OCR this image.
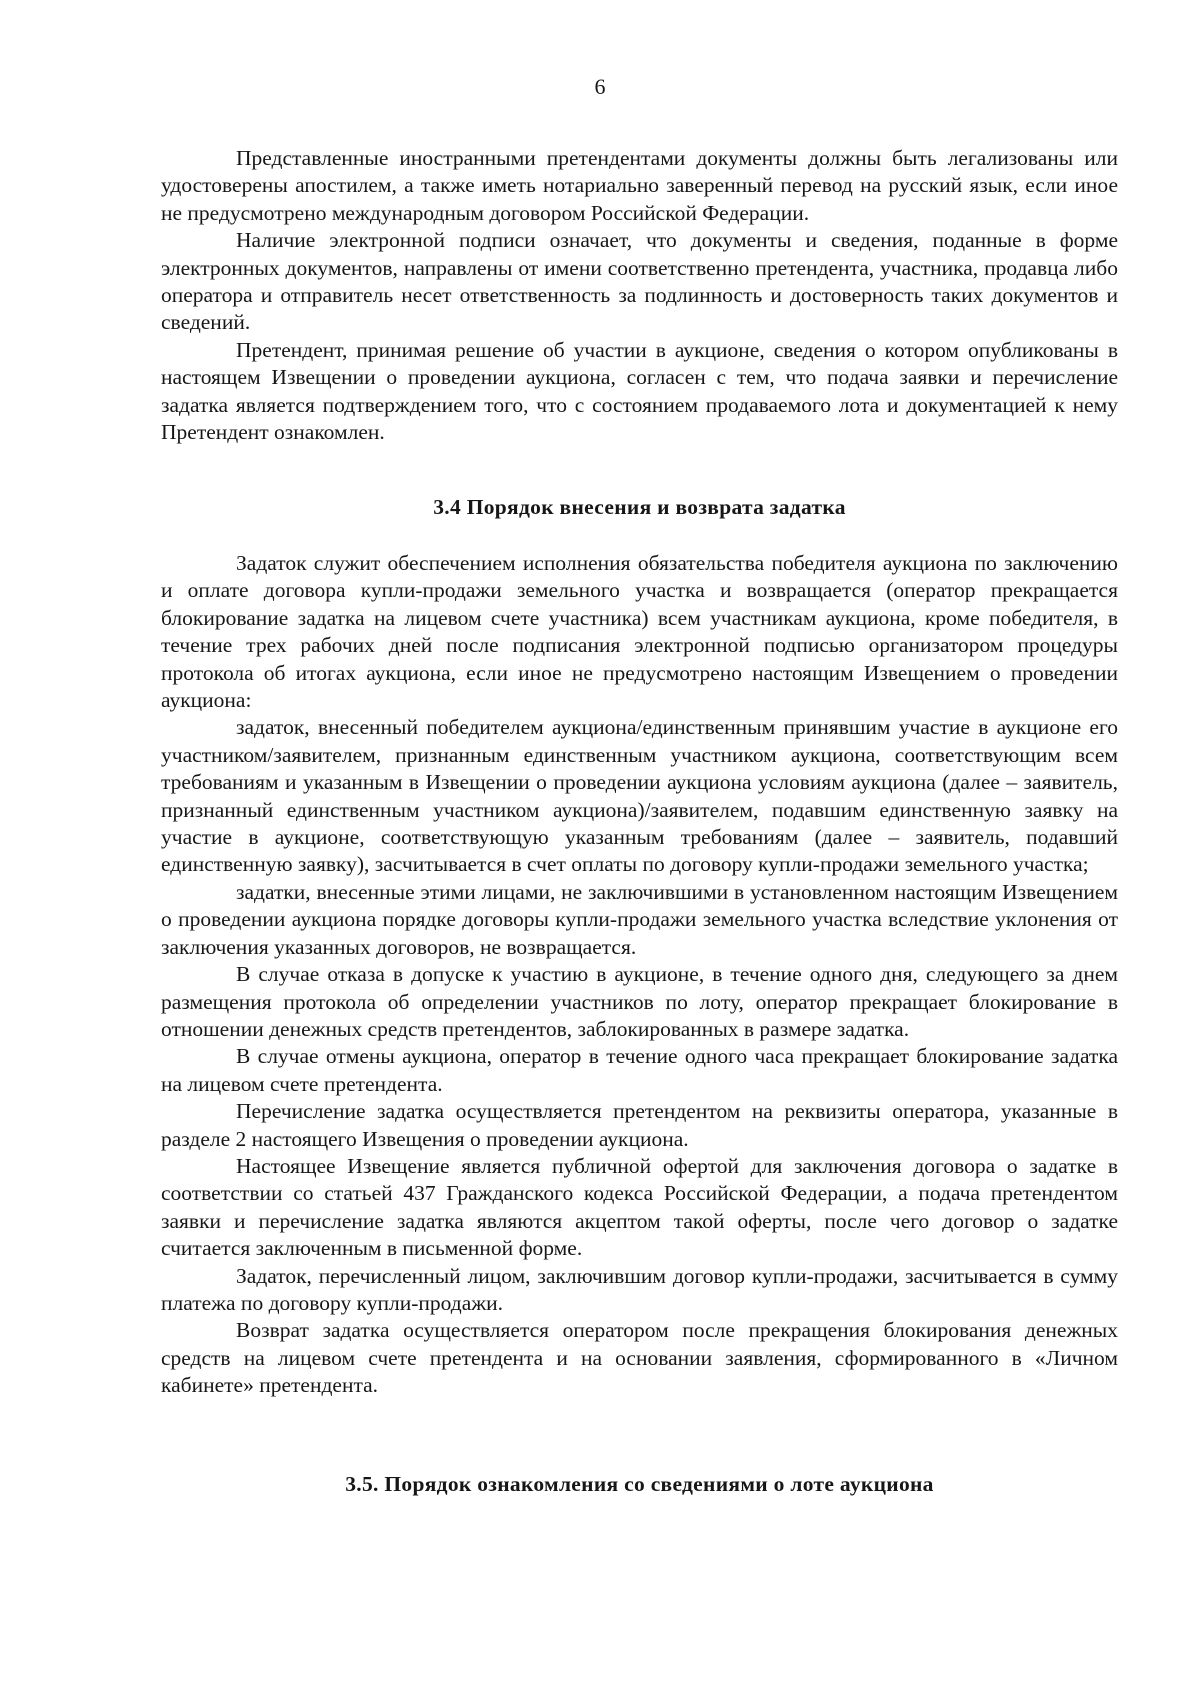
6

Представленные иностранными претендентами документы должны быть легализованы или удостоверены апостилем, а также иметь нотариально заверенный перевод на русский язык, если иное не предусмотрено международным договором Российской Федерации.

Наличие электронной подписи означает, что документы и сведения, поданные в форме электронных документов, направлены от имени соответственно претендента, участника, продавца либо оператора и отправитель несет ответственность за подлинность и достоверность таких документов и сведений.

Претендент, принимая решение об участии в аукционе, сведения о котором опубликованы в настоящем Извещении о проведении аукциона, согласен с тем, что подача заявки и перечисление задатка является подтверждением того, что с состоянием продаваемого лота и документацией к нему Претендент ознакомлен.

3.4 Порядок внесения и возврата задатка

Задаток служит обеспечением исполнения обязательства победителя аукциона по заключению и оплате договора купли-продажи земельного участка и возвращается (оператор прекращается блокирование задатка на лицевом счете участника) всем участникам аукциона, кроме победителя, в течение трех рабочих дней после подписания электронной подписью организатором процедуры протокола об итогах аукциона, если иное не предусмотрено настоящим Извещением о проведении аукциона:

задаток, внесенный победителем аукциона/единственным принявшим участие в аукционе его участником/заявителем, признанным единственным участником аукциона, соответствующим всем требованиям и указанным в Извещении о проведении аукциона условиям аукциона (далее – заявитель, признанный единственным участником аукциона)/заявителем, подавшим единственную заявку на участие в аукционе, соответствующую указанным требованиям (далее – заявитель, подавший единственную заявку), засчитывается в счет оплаты по договору купли-продажи земельного участка;

задатки, внесенные этими лицами, не заключившими в установленном настоящим Извещением о проведении аукциона порядке договоры купли-продажи земельного участка вследствие уклонения от заключения указанных договоров, не возвращается.

В случае отказа в допуске к участию в аукционе, в течение одного дня, следующего за днем размещения протокола об определении участников по лоту, оператор прекращает блокирование в отношении денежных средств претендентов, заблокированных в размере задатка.

В случае отмены аукциона, оператор в течение одного часа прекращает блокирование задатка на лицевом счете претендента.

Перечисление задатка осуществляется претендентом на реквизиты оператора, указанные в разделе 2 настоящего Извещения о проведении аукциона.

Настоящее Извещение является публичной офертой для заключения договора о задатке в соответствии со статьей 437 Гражданского кодекса Российской Федерации, а подача претендентом заявки и перечисление задатка являются акцептом такой оферты, после чего договор о задатке считается заключенным в письменной форме.

Задаток, перечисленный лицом, заключившим договор купли-продажи, засчитывается в сумму платежа по договору купли-продажи.

Возврат задатка осуществляется оператором после прекращения блокирования денежных средств на лицевом счете претендента и на основании заявления, сформированного в «Личном кабинете» претендента.

3.5. Порядок ознакомления со сведениями о лоте аукциона
